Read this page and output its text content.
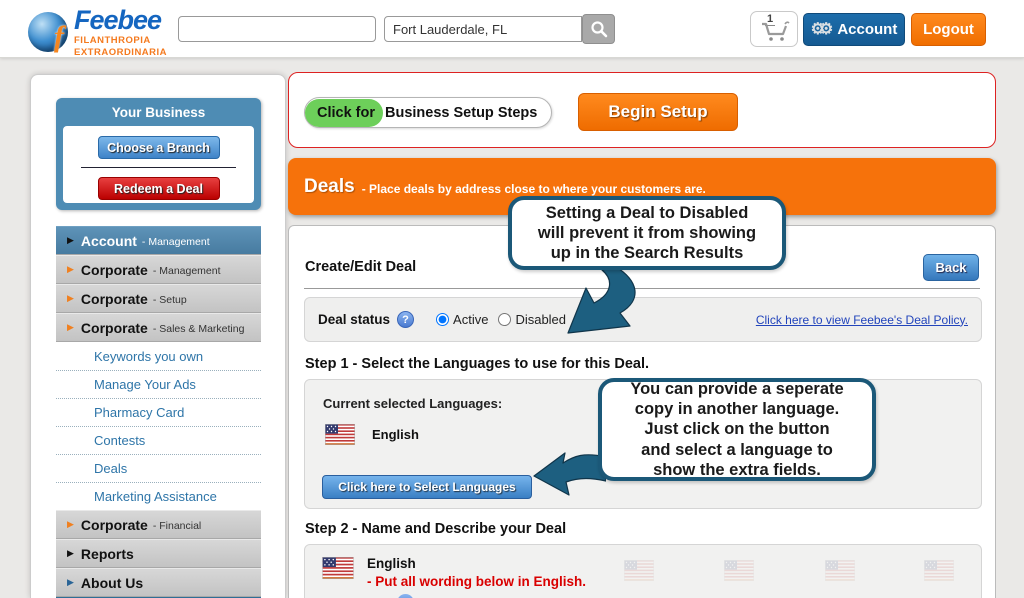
f
Feebee
FILANTHROPIA
EXTRAORDINARIA
Fort Lauderdale, FL
1
⚙⚙ Account Logout
Your Business
Choose a Branch
Redeem a Deal
▶ Account - Management
▶ Corporate - Management
▶ Corporate - Setup
▶ Corporate - Sales & Marketing
Keywords you own
Manage Your Ads
Pharmacy Card
Contests
Deals
Marketing Assistance
▶ Corporate - Financial
▶ Reports
▶ About Us
Click for Business Setup Steps	Begin Setup
Deals - Place deals by address close to where your customers are.
Create/Edit Deal	Back
Deal status	?	Active Disabled	Click here to view Feebee's Deal Policy.
Step 1 - Select the Languages to use for this Deal.
Current selected Languages:
English
Click here to Select Languages
Step 2 - Name and Describe your Deal
English
- Put all wording below in English.
Setting a Deal to Disabled
will prevent it from showing
up in the Search Results
You can provide a seperate
copy in another language.
Just click on the button
and select a language to
show the extra fields.
